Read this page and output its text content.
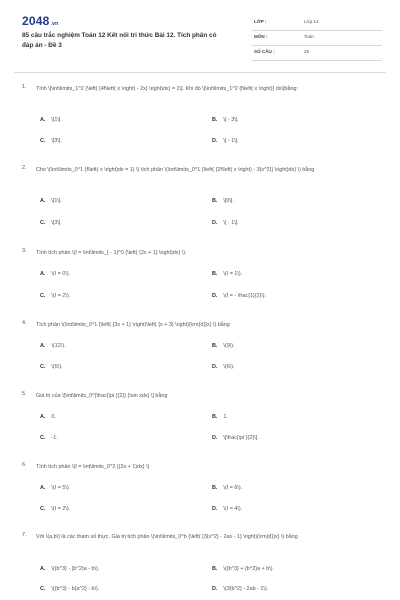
2048.vn
85 câu trắc nghiệm Toán 12 Kết nối tri thức Bài 12. Tích phân có đáp án - Đề 3
LỚP :	Lớp 12
MÔN :	Toán
SỐ CÂU :	25
1. Tính \[\int\limits_1^2 {\left( {4f\left( x \right) - 2x} \right)dx} = 1\]. Khi đó \[\int\limits_1^2 {f\left( x \right)} dx\]bằng:
A. \[1\].	B. \[ - 3\].
C. \[3\].	D. \[ - 1\].
2. Cho \(\int\limits_0^1 {f\left( x \right)dx = 1} \) tích phân \(\int\limits_0^1 {\left( {2f\left( x \right) - 3{x^2}} \right)dx} \) bằng
A. \[1\].	B. \[0\].
C. \[3\].	D. \[ - 1\].
3. Tính tích phân \(I = \int\limits_{ - 1}^0 {\left( {2x + 1} \right)dx} \).
A. \(I = 0\).	B. \(I = 1\).
C. \(I = 2\).	D. \(I = - \frac{1}{2}\).
4. Tích phân \(\int\limits_0^1 {\left( {3x + 1} \right)\left( {x + 3} \right){\rm{d}}x} \) bằng
A. \(12\).	B. \(9\).
C. \(5\).	D. \(6\).
5. Giá trị của \[\int\limits_0^{\frac{\pi }{2}} {\sin xdx} \] bằng
A. 0.	B. 1.
C. -1.	D. \[\frac{\pi }{2}\].
6. Tính tích phân \(I = \int\limits_0^2 {(2x + 1)dx} \)
A. \(I = 5\).	B. \(I = 6\).
C. \(I = 2\).	D. \(I = 4\).
7. Với \(a,b\) là các tham số thực. Giá trị tích phân \(\int\limits_0^b {\left( {3{x^2} - 2ax - 1} \right){\rm{d}}x} \) bằng
A. \({b^3} - {b^2}a - b\).	B. \({b^3} + {b^2}a + b\).
C. \({b^3} - b{a^2} - b\).	D. \(3{b^2} - 2ab - 1\).
